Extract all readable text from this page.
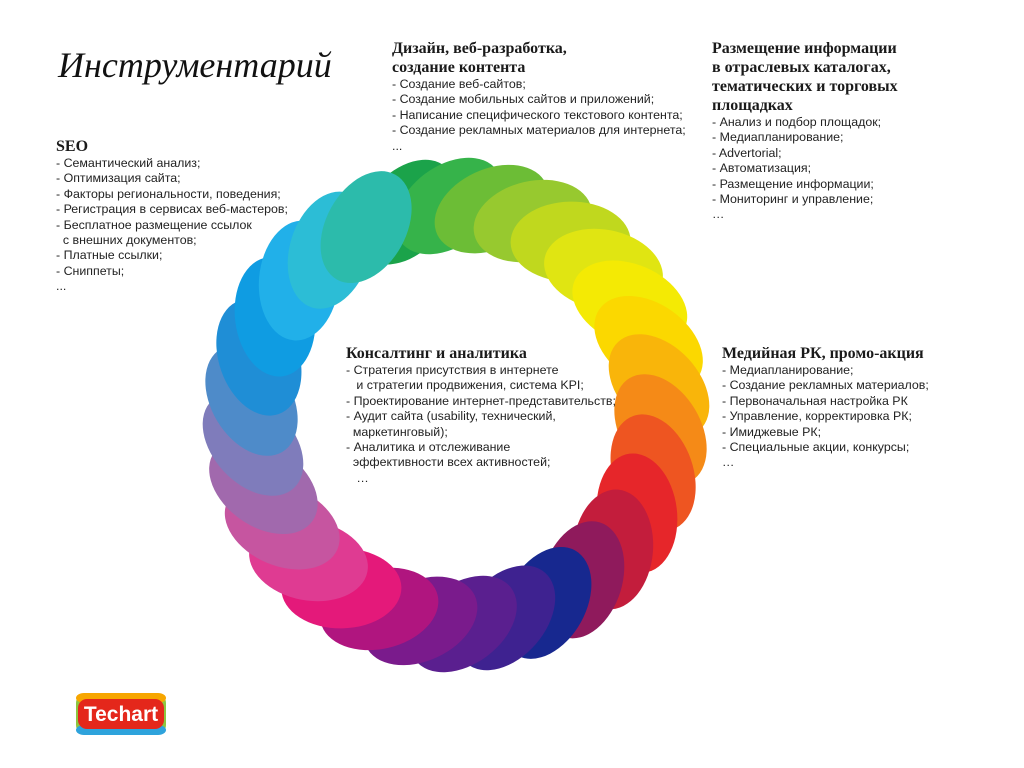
Инструментарий
SEO
- Семантический анализ;
- Оптимизация сайта;
- Факторы региональности, поведения;
- Регистрация в сервисах веб-мастеров;
- Бесплатное размещение ссылок
с внешних документов;
- Платные ссылки;
- Сниппеты;
...
Дизайн, веб-разработка,
создание контента
- Создание веб-сайтов;
- Создание мобильных сайтов и приложений;
- Написание специфического текстового контента;
- Создание рекламных материалов для интернета;
...
Размещение информации
в отраслевых каталогах,
тематических и торговых
площадках
- Анализ и подбор площадок;
- Медиапланирование;
- Advertorial;
- Автоматизация;
- Размещение информации;
- Мониторинг и управление;
…
Консалтинг и аналитика
- Стратегия присутствия в интернете
и стратегии продвижения, система KPI;
- Проектирование интернет-представительств;
- Аудит сайта (usability, технический,
маркетинговый);
- Аналитика и отслеживание
эффективности всех активностей;
…
Медийная РК, промо-акция
- Медиапланирование;
- Создание рекламных материалов;
- Первоначальная настройка РК
- Управление, корректировка РК;
- Имиджевые РК;
- Специальные акции, конкурсы;
…
Techart
